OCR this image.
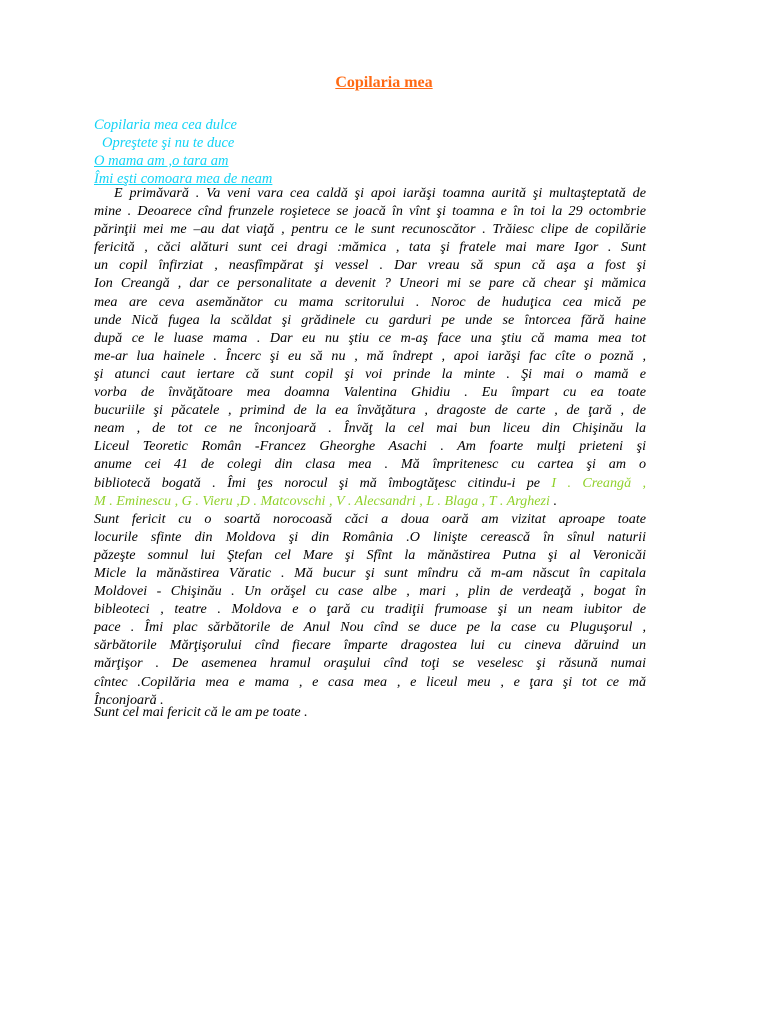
Copilaria mea
Copilaria mea cea dulce
Opreştete şi nu te duce
O mama am ,o tara am
Îmi eşti comoara mea de neam
E primăvară . Va veni vara cea caldă şi apoi iarăşi toamna aurită şi multaşteptată de
mine . Deoarece cînd frunzele roşietece se joacă în vînt şi toamna e în toi la 29 octombrie
părinţii mei me –au dat viaţă , pentru ce le sunt recunoscător . Trăiesc clipe de copilărie
fericită , căci alături sunt cei dragi :mămica , tata şi fratele mai mare Igor . Sunt
un copil înfirziat , neasfîmpărat şi vessel . Dar vreau să spun că aşa a fost şi
Ion Creangă , dar ce personalitate a devenit ? Uneori mi se pare că chear şi mămica
mea are ceva asemănător cu mama scritorului . Noroc de huduţica cea mică pe
unde Nică fugea la scăldat şi grădinele cu garduri pe unde se întorcea fără haine
după ce le luase mama . Dar eu nu ştiu ce m-aş face una ştiu că mama mea tot
me-ar lua hainele . Încerc şi eu să nu , mă îndrept , apoi iarăşi fac cîte o poznă ,
şi atunci caut iertare că sunt copil şi voi prinde la minte . Şi mai o mamă e
vorba de învăţătoare mea doamna Valentina Ghidiu . Eu împart cu ea toate
bucuriile şi păcatele , primind de la ea învăţătura , dragoste de carte , de ţară , de
neam , de tot ce ne înconjoară . Învăţ la cel mai bun liceu din Chişinău la
Liceul Teoretic Român -Francez Gheorghe Asachi . Am foarte mulţi prieteni şi
anume cei 41 de colegi din clasa mea . Mă împritenesc cu cartea şi am o
bibliotecă bogată . Îmi ţes norocul şi mă îmbogtăţesc citindu-i pe I . Creangă ,
M . Eminescu , G . Vieru ,D . Matcovschi , V . Alecsandri , L . Blaga , T . Arghezi .
Sunt fericit cu o soartă norocoasă căci a doua oară am vizitat aproape toate
locurile sfinte din Moldova şi din România .O linişte cerească în sînul naturii
păzeşte somnul lui Ştefan cel Mare şi Sfînt la mănăstirea Putna şi al Veronicăi
Micle la mănăstirea Văratic . Mă bucur şi sunt mîndru că m-am născut în capitala
Moldovei - Chişinău . Un orăşel cu case albe , mari , plin de verdeaţă , bogat în
bibleoteci , teatre . Moldova e o ţară cu tradiţii frumoase şi un neam iubitor de
pace . Îmi plac sărbătorile de Anul Nou cînd se duce pe la case cu Pluguşorul ,
sărbătorile Mărţişorului cînd fiecare împarte dragostea lui cu cineva dăruind un
mărţişor . De asemenea hramul oraşului cînd toţi se veselesc şi răsună numai
cîntec .Copilăria mea e mama , e casa mea , e liceul meu , e ţara şi tot ce mă
Înconjoară .
Sunt cel mai fericit că le am pe toate .
